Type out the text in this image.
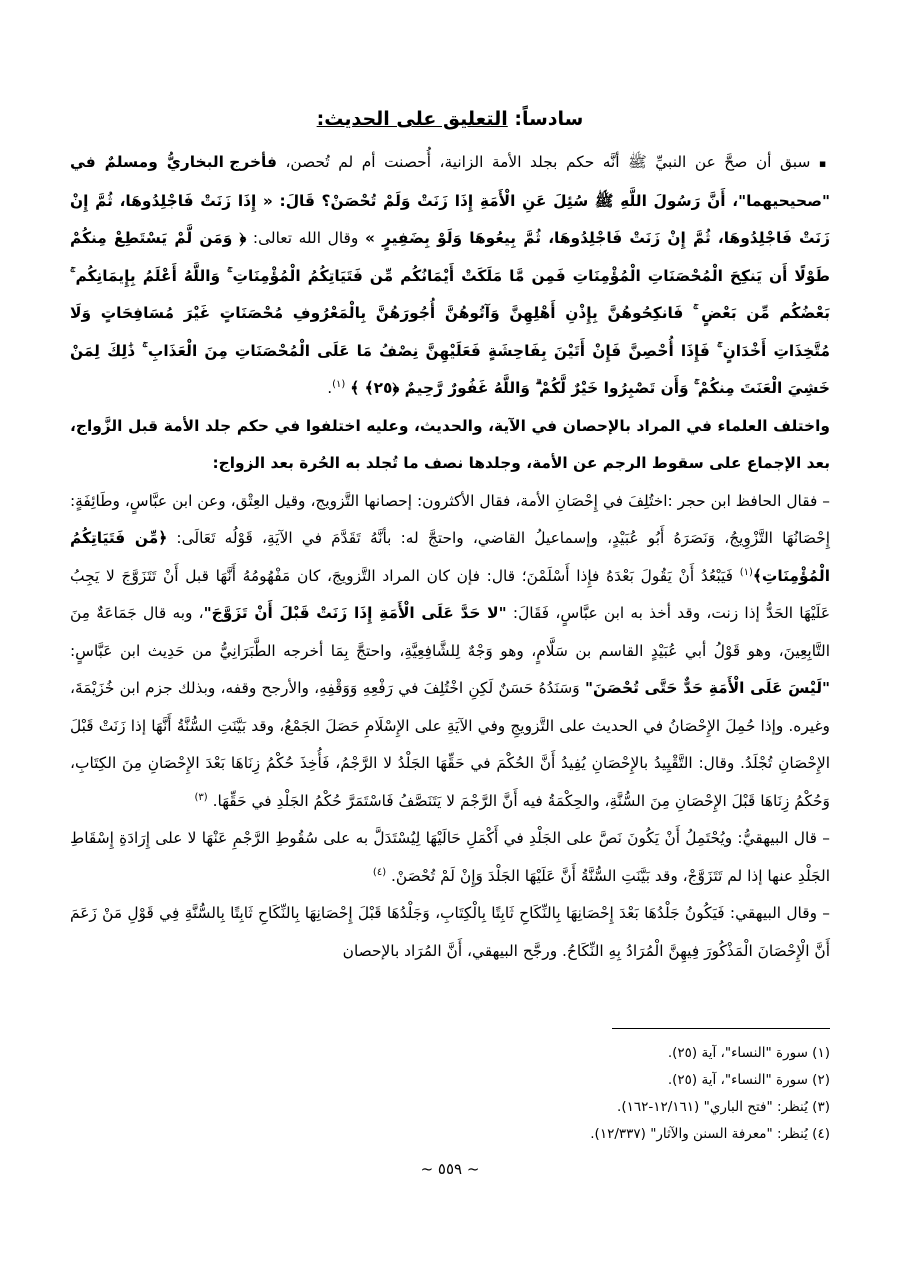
سادساً: التعليق على الحديث:

▪ سبق أن صحَّ عن النبيِّ ﷺ أنَّه حكم بجلد الأمة الزانية، أُحصنت أم لم تُحصن، فأخرج البخاريُّ ومسلمٌ في "صحيحيهما"، أَنَّ رَسُولَ اللَّهِ ﷺ سُئِلَ عَنِ الْأَمَةِ إِذَا زَنَتْ وَلَمْ تُحْصَنْ؟ قَالَ: « إِذَا زَنَتْ فَاجْلِدُوهَا، ثُمَّ إِنْ زَنَتْ فَاجْلِدُوهَا، ثُمَّ إِنْ زَنَتْ فَاجْلِدُوهَا، ثُمَّ بِيعُوهَا وَلَوْ بِضَفِيرٍ » وقال الله تعالى: ﴿ وَمَن لَّمْ يَسْتَطِعْ مِنكُمْ طَوْلًا أَن يَنكِحَ الْمُحْصَنَاتِ الْمُؤْمِنَاتِ فَمِن مَّا مَلَكَتْ أَيْمَانُكُم مِّن فَتَيَاتِكُمُ الْمُؤْمِنَاتِ ۚ وَاللَّهُ أَعْلَمُ بِإِيمَانِكُم ۚ بَعْضُكُم مِّن بَعْضٍ ۚ فَانكِحُوهُنَّ بِإِذْنِ أَهْلِهِنَّ وَآتُوهُنَّ أُجُورَهُنَّ بِالْمَعْرُوفِ مُحْصَنَاتٍ غَيْرَ مُسَافِحَاتٍ وَلَا مُتَّخِذَاتِ أَخْدَانٍ ۚ فَإِذَا أُحْصِنَّ فَإِنْ أَتَيْنَ بِفَاحِشَةٍ فَعَلَيْهِنَّ نِصْفُ مَا عَلَى الْمُحْصَنَاتِ مِنَ الْعَذَابِ ۚ ذَٰلِكَ لِمَنْ خَشِيَ الْعَنَتَ مِنكُمْ ۚ وَأَن تَصْبِرُوا خَيْرٌ لَّكُمْ ۗ وَاللَّهُ غَفُورٌ رَّحِيمٌ ﴿٢٥﴾ ﴾ $^{(١)}$.

واختلف العلماء في المراد بالإحصان في الآية، والحديث، وعليه اختلفوا في حكم جلد الأمة قبل الزَّواج، بعد الإجماع على سقوط الرجم عن الأمة، وجلدها نصف ما تُجلد به الحُرة بعد الزواج:

– فقال الحافظ ابن حجر :اختُلِفَ في إِحْصَانِ الأمة، فقال الأكثرون: إحصانها التَّزويج، وقيل العِتْق، وعن ابن عبَّاسٍ، وطَائِفَةٍ: إِحْصَانُهَا التَّزْوِيجُ، وَنَصَرَهُ أَبُو عُبَيْدٍ، وإسماعيلُ القاضي، واحتجَّ له: بأنَّهُ تَقَدَّمَ في الآيَةِ، قَوْلُه تَعَالَى: ﴿مِّن فَتَيَاتِكُمُ الْمُؤْمِنَاتِ﴾$^{(١)}$ فَيَبْعُدُ أَنْ يَقُولَ بَعْدَهُ فإِذا أَسْلَمْنَ؛ قال: فإن كان المراد التَّزويجَ، كان مَفْهُومُهُ أَنَّهَا قبل أَنْ تَتَزَوَّجَ لا يَجِبُ عَلَيْهَا الحَدُّ إذا زنت، وقد أخذ به ابن عبَّاسٍ، فَقَالَ: "لا حَدَّ عَلَى الْأَمَةِ إِذَا زَنَتْ قَبْلَ أَنْ تَزَوَّجَ"، وبه قال جَمَاعَةٌ مِنَ التَّابِعِينَ، وهو قَوْلُ أبي عُبَيْدٍ القاسم بن سَلَّامٍ، وهو وَجْهٌ لِلشَّافِعِيَّةِ، واحتجَّ بِمَا أخرجه الطَّبَرَانِيُّ من حَدِيث ابن عَبَّاسٍ: "لَيْسَ عَلَى الْأَمَةِ حَدٌّ حَتَّى تُحْصَنَ" وَسَنَدُهُ حَسَنٌ لَكِنِ اخْتُلِفَ في رَفْعِهِ وَوَقْفِهِ، والأرجح وقفه، وبذلك جزم ابن خُزَيْمَةَ، وغيره. وإذا حُمِلَ الإِحْصَانُ في الحديث على التَّزويجِ وفي الآيَةِ على الإِسْلَامِ حَصَلَ الجَمْعُ، وقد بَيَّنَتِ السُّنَّةُ أَنَّهَا إذا زَنَتْ قَبْلَ الإِحْصَانِ تُجْلَدُ. وقال: التَّقْيِيدُ بالإِحْصَانِ يُفِيدُ أَنَّ الحُكْمَ في حَقِّهَا الجَلْدُ لا الرَّجْمُ، فَأُخِذَ حُكْمُ زِنَاهَا بَعْدَ الإِحْصَانِ مِنَ الكِتَابِ، وَحُكْمُ زِنَاهَا قَبْلَ الإِحْصَانِ مِنَ السُّنَّةِ، والحِكْمَةُ فيه أَنَّ الرَّجْمَ لا يَتَنَصَّفُ فَاسْتَمَرَّ حُكْمُ الجَلْدِ في حَقِّهَا. $^{(٣)}$

– قال البيهقيُّ: ويُحْتَمِلُ أَنْ يَكُونَ نَصَّ على الجَلْدِ في أَكْمَلِ حَالَيْهَا لِيُسْتَدَلَّ به على سُقُوطِ الرَّجْمِ عَنْهَا لا على إِرَادَةِ إِسْقَاطِ الجَلْدِ عنها إذا لم تَتَزَوَّجْ، وقد بَيَّنَتِ السُّنَّةُ أَنَّ عَلَيْهَا الجَلْدَ وَإِنْ لَمْ تُحْصَنْ. $^{(٤)}$

– وقال البيهقي: فَيَكُونُ جَلْدُهَا بَعْدَ إِحْصَانِهَا بِالنِّكَاحِ ثَابِتًا بِالْكِتَابِ، وَجَلْدُهَا قَبْلَ إِحْصَانِهَا بِالنِّكَاحِ ثَابِتًا بِالسُّنَّةِ فِي قَوْلِ مَنْ زَعَمَ أَنَّ الْإِحْصَانَ الْمَذْكُورَ فِيهِنَّ الْمُرَادُ بِهِ النِّكَاحُ. ورجَّح البيهقي، أَنَّ المُرَاد بالإحصان

(١) سورة "النساء"، آية (٢٥).
(٢) سورة "النساء"، آية (٢٥).
(٣) يُنظر: "فتح الباري" (١٢/١٦١-١٦٢).
(٤) يُنظر: "معرفة السنن والآثار" (١٢/٣٣٧).
~ ٥٥٩ ~
